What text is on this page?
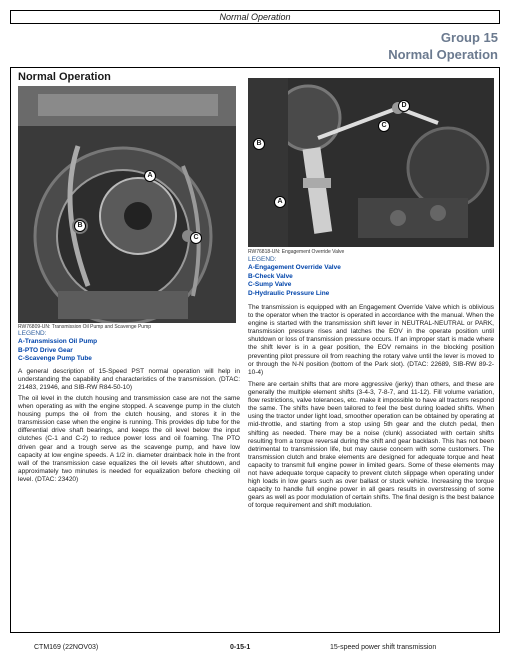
Normal Operation
Group 15
Normal Operation
Normal Operation
A
B
C
RW76809-UN: Transmission Oil Pump and Scavenge Pump
LEGEND:
A-Transmission Oil Pump
B-PTO Drive Gear
C-Scavenge Pump Tube
A general description of 15-Speed PST normal operation will help in understanding the capability and characteristics of the transmission. (DTAC: 21483, 21946, and SIB-RW R84-50-10)
The oil level in the clutch housing and transmission case are not the same when operating as with the engine stopped. A scavenge pump in the clutch housing pumps the oil from the clutch housing, and stores it in the transmission case when the engine is running. This provides dip tube for the differential drive shaft bearings, and keeps the oil level below the input clutches (C-1 and C-2) to reduce power loss and oil foaming. The PTO driven gear and a trough serve as the scavenge pump, and have low capacity at low engine speeds. A 1/2 in. diameter drainback hole in the front wall of the transmission case equalizes the oil levels after shutdown, and approximately two minutes is needed for equalization before checking oil level. (DTAC: 23420)
D
C
B
A
RW76818-UN: Engagement Override Valve
LEGEND:
A-Engagement Override Valve
B-Check Valve
C-Sump Valve
D-Hydraulic Pressure Line
The transmission is equipped with an Engagement Override Valve which is oblivious to the operator when the tractor is operated in accordance with the manual. When the engine is started with the transmission shift lever in NEUTRAL-NEUTRAL or PARK, transmission pressure rises and latches the EOV in the operate position until shutdown or loss of transmission pressure occurs. If an improper start is made where the shift lever is in a gear position, the EOV remains in the blocking position preventing pilot pressure oil from reaching the rotary valve until the lever is moved to or through the N-N position (bottom of the Park slot). (DTAC: 22689, SIB-RW 89-2-10-4)
There are certain shifts that are more aggressive (jerky) than others, and these are generally the multiple element shifts (3-4-3, 7-8-7, and 11-12). Fill volume variation, flow restrictions, valve tolerances, etc. make it impossible to have all tractors respond the same. The shifts have been tailored to feel the best during loaded shifts. When using the tractor under light load, smoother operation can be obtained by operating at mid-throttle, and starting from a stop using 5th gear and the clutch pedal, then shifting as needed. There may be a noise (clunk) associated with certain shifts resulting from a torque reversal during the shift and gear backlash. This has not been detrimental to transmission life, but may cause concern with some customers. The transmission clutch and brake elements are designed for adequate torque and heat capacity to transmit full engine power in limited gears. Some of these elements may not have adequate torque capacity to prevent clutch slippage when operating under high loads in low gears such as over ballast or stuck vehicle. Increasing the torque capacity to handle full engine power in all gears results in overstressing of some gears as well as poor modulation of certain shifts. The final design is the best balance of torque requirement and shift modulation.
CTM169 (22NOV03)	0-15-1	15-speed power shift transmission
